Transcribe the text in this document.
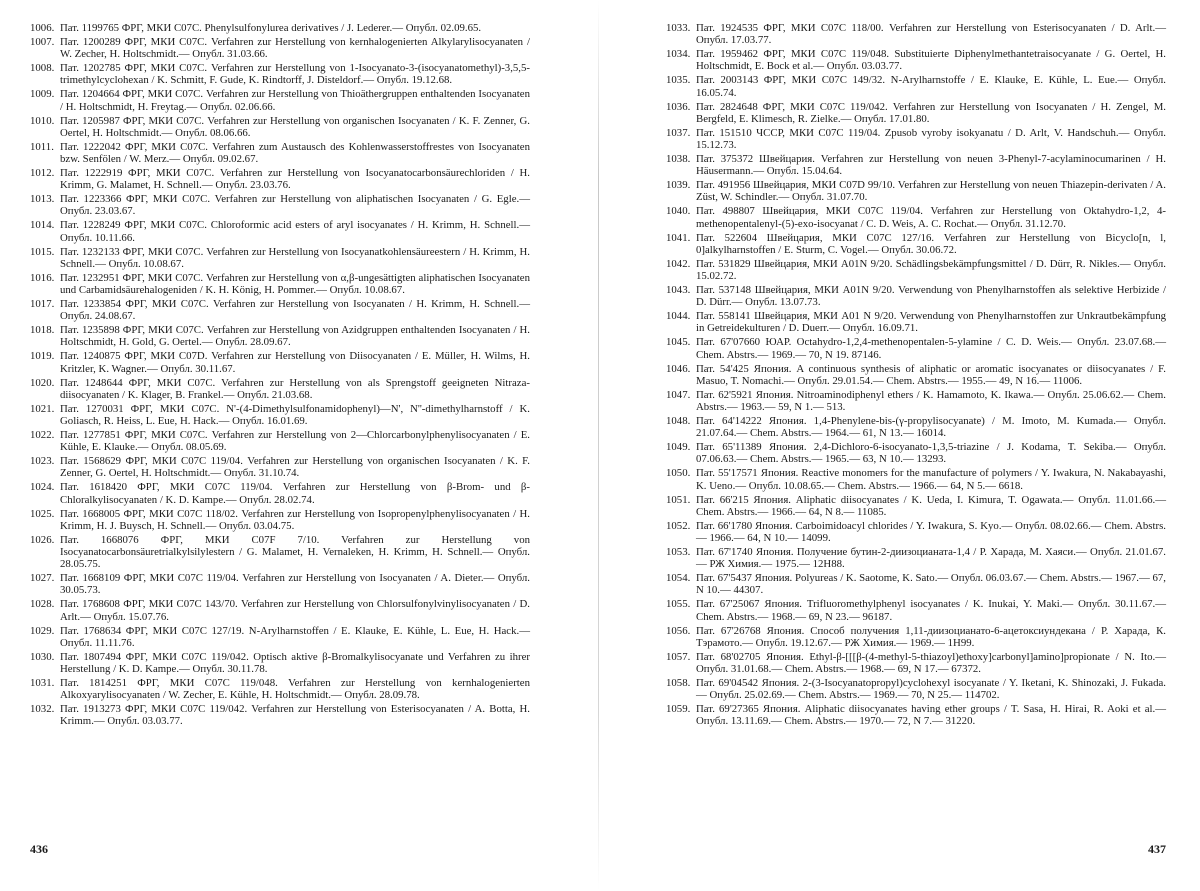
1006. Пат. 1199765 ФРГ, МКИ С07С. Phenylsulfonylurea derivatives / J. Lederer.— Опубл. 02.09.65.
1007. Пат. 1200289 ФРГ, МКИ С07С. Verfahren zur Herstellung von kernhalogenierten Alkylarylisocyanaten / W. Zecher, H. Holtschmidt.— Опубл. 31.03.66.
1008. Пат. 1202785 ФРГ, МКИ С07С. Verfahren zur Herstellung von 1-Isocyanato-3-(isocyanatomethyl)-3,5,5-trimethylcyclohexan / K. Schmitt, F. Gude, K. Rindtorff, J. Disteldorf.— Опубл. 19.12.68.
1009. Пат. 1204664 ФРГ, МКИ С07С. Verfahren zur Herstellung von Thioäthergruppen enthaltenden Isocyanaten / H. Holtschmidt, H. Freytag.— Опубл. 02.06.66.
1010. Пат. 1205987 ФРГ, МКИ С07С. Verfahren zur Herstellung von organischen Isocyanaten / K. F. Zenner, G. Oertel, H. Holtschmidt.— Опубл. 08.06.66.
1011. Пат. 1222042 ФРГ, МКИ С07С. Verfahren zum Austausch des Kohlenwasserstoffrestes von Isocyanaten bzw. Senfölen / W. Merz.— Опубл. 09.02.67.
1012. Пат. 1222919 ФРГ, МКИ С07С. Verfahren zur Herstellung von Isocyanatocarbonsäurechloriden / H. Krimm, G. Malamet, H. Schnell.— Опубл. 23.03.76.
1013. Пат. 1223366 ФРГ, МКИ С07С. Verfahren zur Herstellung von aliphatischen Isocyanaten / G. Egle.— Опубл. 23.03.67.
1014. Пат. 1228249 ФРГ, МКИ С07С. Chloroformic acid esters of aryl isocyanates / H. Krimm, H. Schnell.— Опубл. 10.11.66.
1015. Пат. 1232133 ФРГ, МКИ С07С. Verfahren zur Herstellung von Isocyanatkohlensäureestern / H. Krimm, H. Schnell.— Опубл. 10.08.67.
1016. Пат. 1232951 ФРГ, МКИ С07С. Verfahren zur Herstellung von α,β-ungesättigten aliphatischen Isocyanaten und Carbamidsäurehalogeniden / K. H. König, H. Pommer.— Опубл. 10.08.67.
1017. Пат. 1233854 ФРГ, МКИ С07С. Verfahren zur Herstellung von Isocyanaten / H. Krimm, H. Schnell.— Опубл. 24.08.67.
1018. Пат. 1235898 ФРГ, МКИ С07С. Verfahren zur Herstellung von Azidgruppen enthaltenden Isocyanaten / H. Holtschmidt, H. Gold, G. Oertel.— Опубл. 28.09.67.
1019. Пат. 1240875 ФРГ, МКИ С07D. Verfahren zur Herstellung von Diisocyanaten / E. Müller, H. Wilms, H. Kritzler, K. Wagner.— Опубл. 30.11.67.
1020. Пат. 1248644 ФРГ, МКИ С07С. Verfahren zur Herstellung von als Sprengstoff geeigneten Nitraza-diisocyanaten / K. Klager, B. Frankel.— Опубл. 21.03.68.
1021. Пат. 1270031 ФРГ, МКИ С07С. N'-(4-Dimethylsulfonamidophenyl)—N', N''-dimethylharnstoff / K. Goliasch, R. Heiss, L. Eue, H. Hack.— Опубл. 16.01.69.
1022. Пат. 1277851 ФРГ, МКИ С07С. Verfahren zur Herstellung von 2—Chlorcarbonylphenylisocyanaten / E. Kühle, E. Klauke.— Опубл. 08.05.69.
1023. Пат. 1568629 ФРГ, МКИ С07С 119/04. Verfahren zur Herstellung von organischen Isocyanaten / K. F. Zenner, G. Oertel, H. Holtschmidt.— Опубл. 31.10.74.
1024. Пат. 1618420 ФРГ, МКИ С07С 119/04. Verfahren zur Herstellung von β-Brom- und β-Chloralkylisocyanaten / K. D. Kampe.— Опубл. 28.02.74.
1025. Пат. 1668005 ФРГ, МКИ С07С 118/02. Verfahren zur Herstellung von Isopropenylphenylisocyanaten / H. Krimm, H. J. Buysch, H. Schnell.— Опубл. 03.04.75.
1026. Пат. 1668076 ФРГ, МКИ С07F 7/10. Verfahren zur Herstellung von Isocyanatocarbonsäuretrialkylsilylestern / G. Malamet, H. Vernaleken, H. Krimm, H. Schnell.— Опубл. 28.05.75.
1027. Пат. 1668109 ФРГ, МКИ С07С 119/04. Verfahren zur Herstellung von Isocyanaten / A. Dieter.— Опубл. 30.05.73.
1028. Пат. 1768608 ФРГ, МКИ С07С 143/70. Verfahren zur Herstellung von Chlorsulfonylvinylisocyanaten / D. Arlt.— Опубл. 15.07.76.
1029. Пат. 1768634 ФРГ, МКИ С07С 127/19. N-Arylharnstoffen / E. Klauke, E. Kühle, L. Eue, H. Hack.— Опубл. 11.11.76.
1030. Пат. 1807494 ФРГ, МКИ С07С 119/042. Optisch aktive β-Bromalkylisocyanate und Verfahren zu ihrer Herstellung / K. D. Kampe.— Опубл. 30.11.78.
1031. Пат. 1814251 ФРГ, МКИ С07С 119/048. Verfahren zur Herstellung von kernhalogenierten Alkoxyarylisocyanaten / W. Zecher, E. Kühle, H. Holtschmidt.— Опубл. 28.09.78.
1032. Пат. 1913273 ФРГ, МКИ С07С 119/042. Verfahren zur Herstellung von Esterisocyanaten / A. Botta, H. Krimm.— Опубл. 03.03.77.
436
1033. Пат. 1924535 ФРГ, МКИ С07С 118/00. Verfahren zur Herstellung von Esterisocyanaten / D. Arlt.— Опубл. 17.03.77.
1034. Пат. 1959462 ФРГ, МКИ С07С 119/048. Substituierte Diphenylmethantetraisocyanate / G. Oertel, H. Holtschmidt, E. Bock et al.— Опубл. 03.03.77.
1035. Пат. 2003143 ФРГ, МКИ С07С 149/32. N-Arylharnstoffe / E. Klauke, E. Kühle, L. Eue.— Опубл. 16.05.74.
1036. Пат. 2824648 ФРГ, МКИ С07С 119/042. Verfahren zur Herstellung von Isocyanaten / H. Zengel, M. Bergfeld, E. Klimesch, R. Zielke.— Опубл. 17.01.80.
1037. Пат. 151510 ЧССР, МКИ С07С 119/04. Zpusob vyroby isokyanatu / D. Arlt, V. Handschuh.— Опубл. 15.12.73.
1038. Пат. 375372 Швейцария. Verfahren zur Herstellung von neuen 3-Phenyl-7-acylaminocumarinen / H. Häusermann.— Опубл. 15.04.64.
1039. Пат. 491956 Швейцария, МКИ С07D 99/10. Verfahren zur Herstellung von neuen Thiazepin-derivaten / A. Züst, W. Schindler.— Опубл. 31.07.70.
1040. Пат. 498807 Швейцария, МКИ С07С 119/04. Verfahren zur Herstellung von Oktahydro-1,2, 4-methenopentalenyl-(5)-exo-isocyanat / C. D. Weis, A. C. Rochat.— Опубл. 31.12.70.
1041. Пат. 522604 Швейцария, МКИ С07С 127/16. Verfahren zur Herstellung von Bicyclo[n, l, 0]alkylharnstoffen / E. Sturm, C. Vogel.— Опубл. 30.06.72.
1042. Пат. 531829 Швейцария, МКИ А01N 9/20. Schädlingsbekämpfungsmittel / D. Dürr, R. Nikles.— Опубл. 15.02.72.
1043. Пат. 537148 Швейцария, МКИ А01N 9/20. Verwendung von Phenylharnstoffen als selektive Herbizide / D. Dürr.— Опубл. 13.07.73.
1044. Пат. 558141 Швейцария, МКИ А01 N 9/20. Verwendung von Phenylharnstoffen zur Unkrautbekämpfung in Getreidekulturen / D. Duerr.— Опубл. 16.09.71.
1045. Пат. 67'07660 ЮАР. Octahydro-1,2,4-methenopentalen-5-ylamine / C. D. Weis.— Опубл. 23.07.68.— Chem. Abstrs.— 1969.— 70, N 19. 87146.
1046. Пат. 54'425 Япония. A continuous synthesis of aliphatic or aromatic isocyanates or diisocyanates / F. Masuo, T. Nomachi.— Опубл. 29.01.54.— Chem. Abstrs.— 1955.— 49, N 16.— 11006.
1047. Пат. 62'5921 Япония. Nitroaminodiphenyl ethers / K. Hamamoto, K. Ikawa.— Опубл. 25.06.62.— Chem. Abstrs.— 1963.— 59, N 1.— 513.
1048. Пат. 64'14222 Япония. 1,4-Phenylene-bis-(γ-propylisocyanate) / M. Imoto, M. Kumada.— Опубл. 21.07.64.— Chem. Abstrs.— 1964.— 61, N 13.— 16014.
1049. Пат. 65'11389 Япония. 2,4-Dichloro-6-isocyanato-1,3,5-triazine / J. Kodama, T. Sekiba.— Опубл. 07.06.63.— Chem. Abstrs.— 1965.— 63, N 10.— 13293.
1050. Пат. 55'17571 Япония. Reactive monomers for the manufacture of polymers / Y. Iwakura, N. Nakabayashi, K. Ueno.— Опубл. 10.08.65.— Chem. Abstrs.— 1966.— 64, N 5.— 6618.
1051. Пат. 66'215 Япония. Aliphatic diisocyanates / K. Ueda, I. Kimura, T. Ogawata.— Опубл. 11.01.66.— Chem. Abstrs.— 1966.— 64, N 8.— 11085.
1052. Пат. 66'1780 Япония. Carboimidoacyl chlorides / Y. Iwakura, S. Kyo.— Опубл. 08.02.66.— Chem. Abstrs.— 1966.— 64, N 10.— 14099.
1053. Пат. 67'1740 Япония. Получение бутин-2-диизоцианата-1,4 / Р. Харада, М. Хаяси.— Опубл. 21.01.67.— РЖ Химия.— 1975.— 12Н88.
1054. Пат. 67'5437 Япония. Polyureas / K. Saotome, K. Sato.— Опубл. 06.03.67.— Chem. Abstrs.— 1967.— 67, N 10.— 44307.
1055. Пат. 67'25067 Япония. Trifluoromethylphenyl isocyanates / K. Inukai, Y. Maki.— Опубл. 30.11.67.— Chem. Abstrs.— 1968.— 69, N 23.— 96187.
1056. Пат. 67'26768 Япония. Способ получения 1,11-диизоцианато-6-ацетоксиундекана / Р. Харада, К. Тэрамото.— Опубл. 19.12.67.— РЖ Химия.— 1969.— 1Н99.
1057. Пат. 68'02705 Япония. Ethyl-β-[[[β-(4-methyl-5-thiazoyl)ethoxy]carbonyl]amino]propionate / N. Ito.— Опубл. 31.01.68.— Chem. Abstrs.— 1968.— 69, N 17.— 67372.
1058. Пат. 69'04542 Япония. 2-(3-Isocyanatopropyl)cyclohexyl isocyanate / Y. Iketani, K. Shinozaki, J. Fukada.— Опубл. 25.02.69.— Chem. Abstrs.— 1969.— 70, N 25.— 114702.
1059. Пат. 69'27365 Япония. Aliphatic diisocyanates having ether groups / T. Sasa, H. Hirai, R. Aoki et al.— Опубл. 13.11.69.— Chem. Abstrs.— 1970.— 72, N 7.— 31220.
437
